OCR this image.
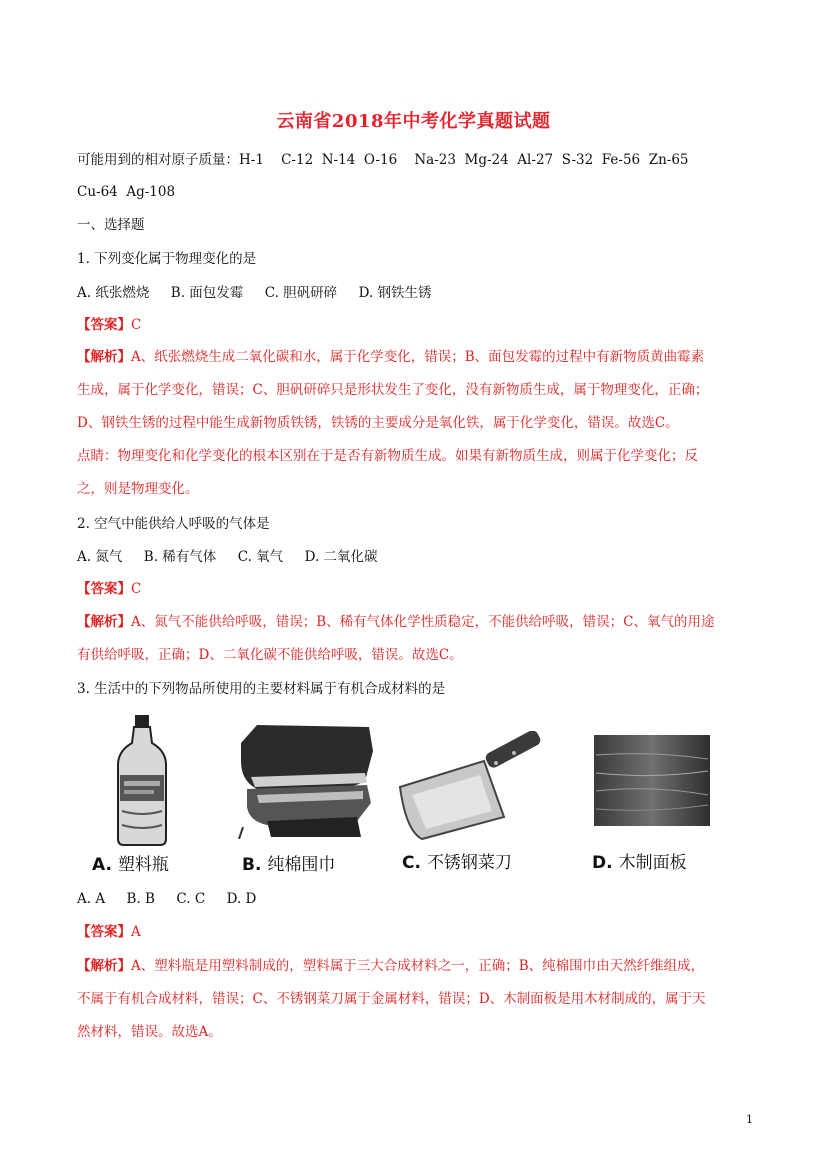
云南省2018年中考化学真题试题
可能用到的相对原子质量：H-1    C-12  N-14  O-16    Na-23  Mg-24  Al-27  S-32  Fe-56  Zn-65
Cu-64  Ag-108
一、选择题
1. 下列变化属于物理变化的是
A. 纸张燃烧     B. 面包发霉     C. 胆矾研碎     D. 钢铁生锈
【答案】C
【解析】A、纸张燃烧生成二氧化碳和水，属于化学变化，错误；B、面包发霉的过程中有新物质黄曲霉素
生成，属于化学变化，错误；C、胆矾研碎只是形状发生了变化，没有新物质生成，属于物理变化，正确；
D、钢铁生锈的过程中能生成新物质铁锈，铁锈的主要成分是氧化铁，属于化学变化，错误。故选C。
点睛：物理变化和化学变化的根本区别在于是否有新物质生成。如果有新物质生成，则属于化学变化；反
之，则是物理变化。
2. 空气中能供给人呼吸的气体是
A. 氮气     B. 稀有气体     C. 氧气     D. 二氧化碳
【答案】C
【解析】A、氮气不能供给呼吸，错误；B、稀有气体化学性质稳定，不能供给呼吸，错误；C、氧气的用途
有供给呼吸，正确；D、二氧化碳不能供给呼吸，错误。故选C。
3. 生活中的下列物品所使用的主要材料属于有机合成材料的是
A. 塑料瓶	B. 纯棉围巾	C. 不锈钢菜刀	D. 木制面板
A. A     B. B     C. C     D. D
【答案】A
【解析】A、塑料瓶是用塑料制成的，塑料属于三大合成材料之一，正确；B、纯棉围巾由天然纤维组成，
不属于有机合成材料，错误；C、不锈钢菜刀属于金属材料，错误；D、木制面板是用木材制成的，属于天
然材料，错误。故选A。
1
